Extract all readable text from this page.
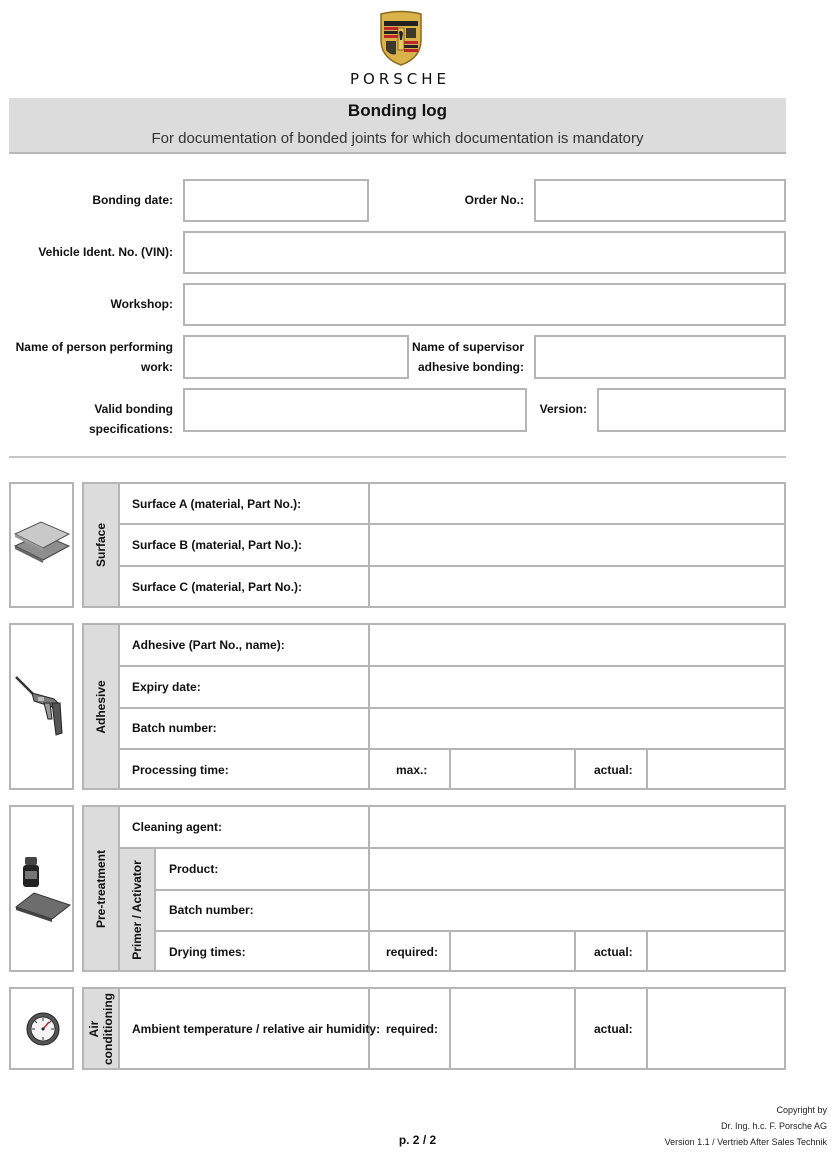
PORSCHE
Bonding log
For documentation of bonded joints for which documentation is mandatory
Bonding date:	Order No.:
Vehicle Ident. No. (VIN):
Workshop:
Name of person performing
work:
Name of supervisor
adhesive bonding:
Valid bonding specifications:
Version:
Surface
Surface A (material, Part No.):
Surface B (material, Part No.):
Surface C (material, Part No.):
Adhesive
Adhesive (Part No., name):
Expiry date:
Batch number:
Processing time:	max.:	actual:
Pre-treatment Primer / Activator
Cleaning agent:
Product:
Batch number:
Drying times:	required:	actual:
Air conditioning Ambient temperature / relative air humidity: required:	actual:
p. 2 / 2
Copyright by
Dr. Ing. h.c. F. Porsche AG
Version 1.1 / Vertrieb After Sales Technik
